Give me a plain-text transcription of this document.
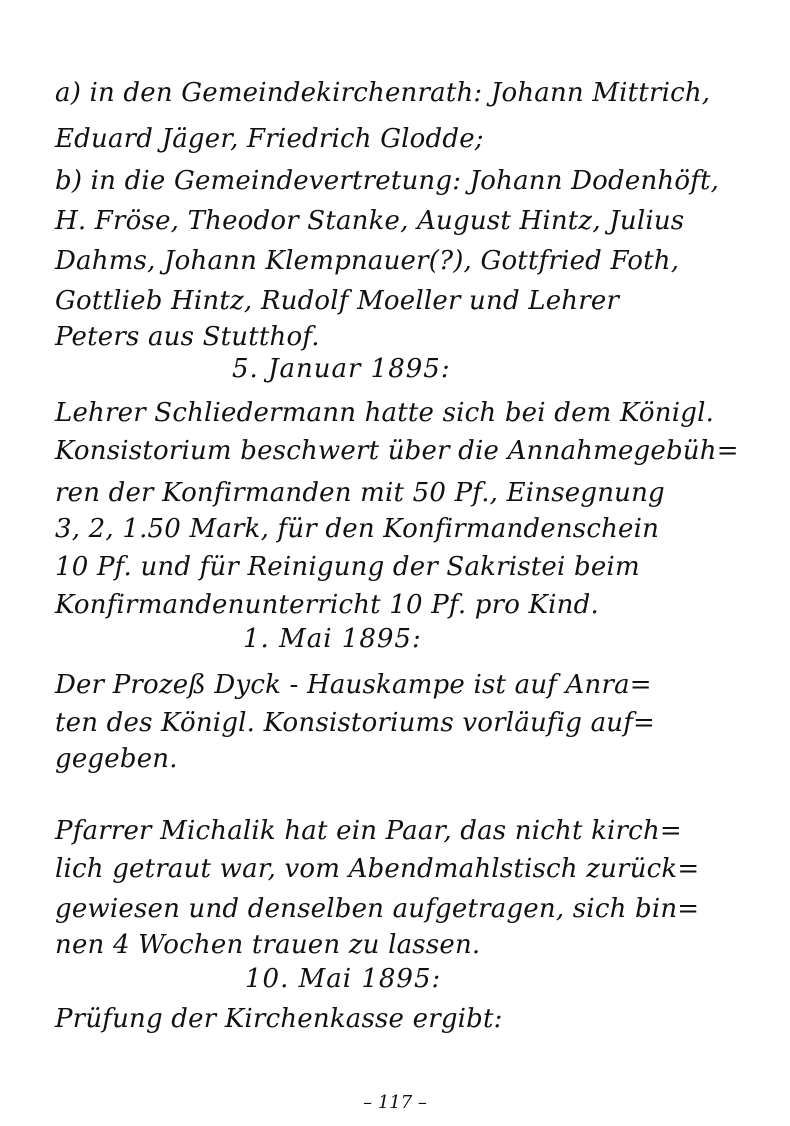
a) in den Gemeindekirchenrath: Johann Mittrich,
Eduard Jäger, Friedrich Glodde;
b) in die Gemeindevertretung: Johann Dodenhöft,
H. Fröse, Theodor Stanke, August Hintz, Julius
Dahms, Johann Klempnauer(?), Gottfried Foth,
Gottlieb Hintz, Rudolf Moeller und Lehrer
Peters aus Stutthof.
5. Januar 1895:
Lehrer Schliedermann hatte sich bei dem Königl.
Konsistorium beschwert über die Annahmegebüh=
ren der Konfirmanden mit 50 Pf., Einsegnung
3, 2, 1.50 Mark, für den Konfirmandenschein
10 Pf. und für Reinigung der Sakristei beim
Konfirmandenunterricht 10 Pf. pro Kind.
1. Mai 1895:
Der Prozeß Dyck - Hauskampe ist auf Anra=
ten des Königl. Konsistoriums vorläufig auf=
gegeben.
Pfarrer Michalik hat ein Paar, das nicht kirch=
lich getraut war, vom Abendmahlstisch zurück=
gewiesen und denselben aufgetragen, sich bin=
nen 4 Wochen trauen zu lassen.
10. Mai 1895:
Prüfung der Kirchenkasse ergibt:
– 117 –
